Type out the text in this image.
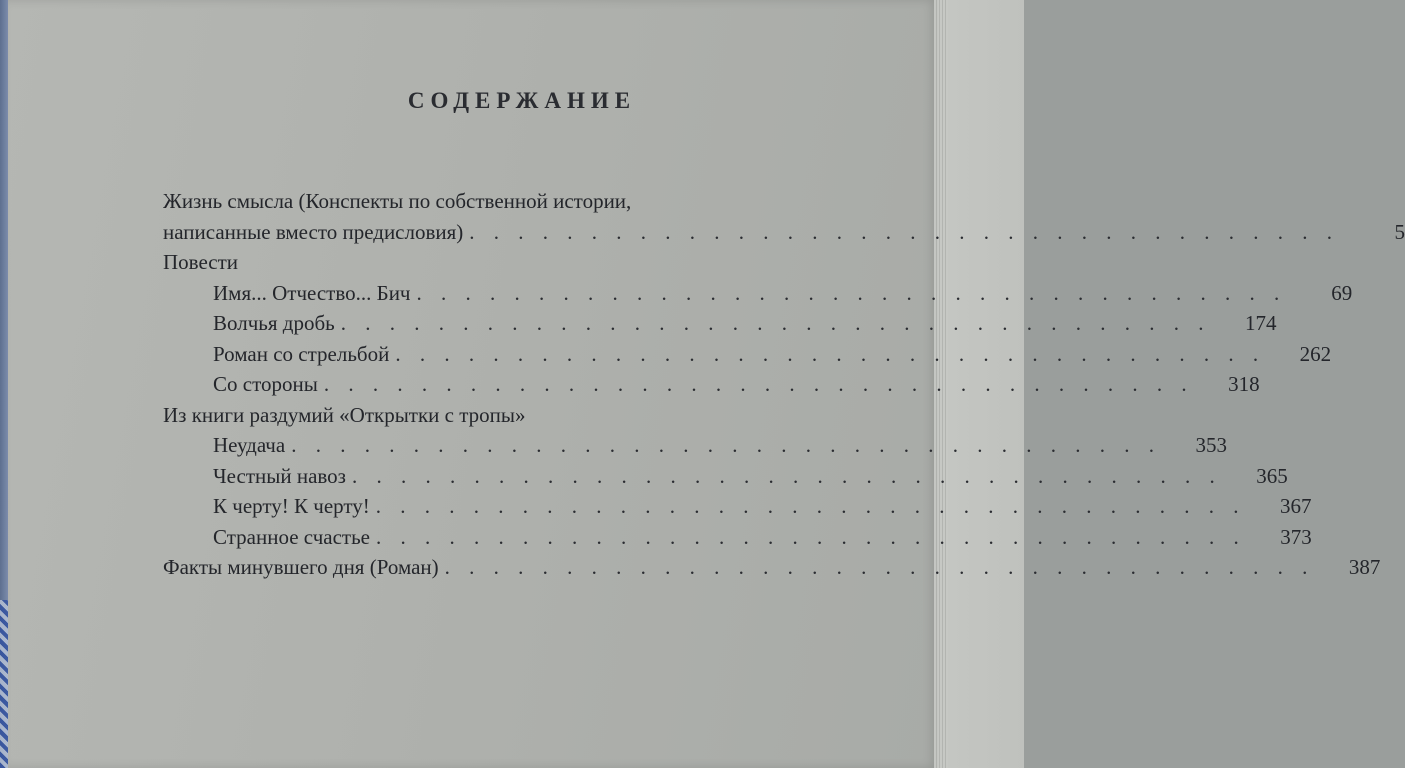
СОДЕРЖАНИЕ
Жизнь смысла (Конспекты по собственной истории,
написанные вместо предисловия) . . . . . . . . . . . . . . . . . . . . . . . . . . . . . . . . . . . .	5
Повести
Имя... Отчество... Бич . . . . . . . . . . . . . . . . . . . . . . . . . . . . . . . . . . . .	69
Волчья дробь . . . . . . . . . . . . . . . . . . . . . . . . . . . . . . . . . . . .	174
Роман со стрельбой . . . . . . . . . . . . . . . . . . . . . . . . . . . . . . . . . . . .	262
Со стороны . . . . . . . . . . . . . . . . . . . . . . . . . . . . . . . . . . . .	318
Из книги раздумий «Открытки с тропы»
Неудача . . . . . . . . . . . . . . . . . . . . . . . . . . . . . . . . . . . .	353
Честный навоз . . . . . . . . . . . . . . . . . . . . . . . . . . . . . . . . . . . .	365
К черту! К черту! . . . . . . . . . . . . . . . . . . . . . . . . . . . . . . . . . . . .	367
Странное счастье . . . . . . . . . . . . . . . . . . . . . . . . . . . . . . . . . . . .	373
Факты минувшего дня (Роман) . . . . . . . . . . . . . . . . . . . . . . . . . . . . . . . . . . . .	387
